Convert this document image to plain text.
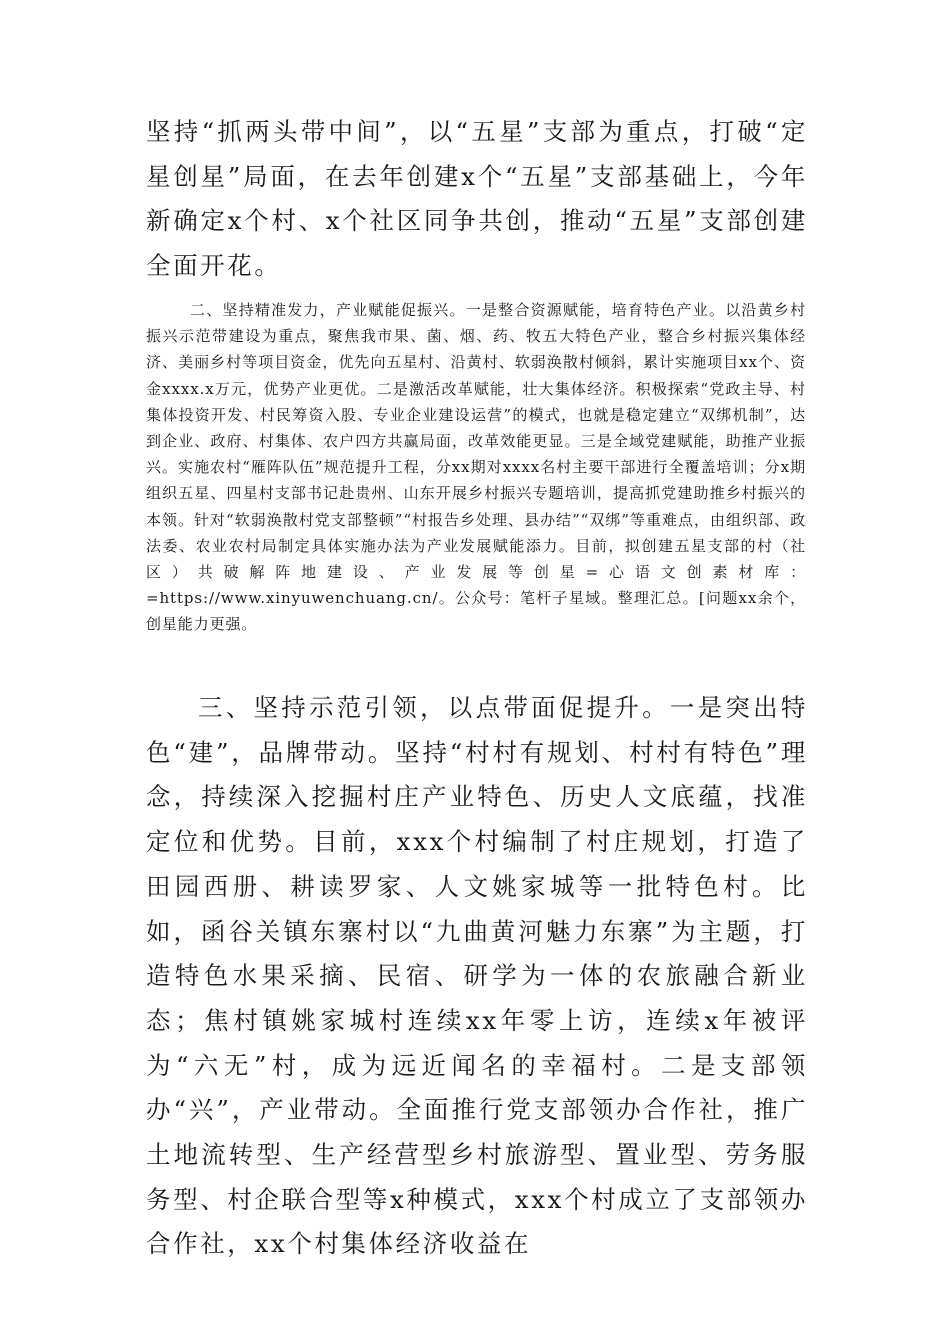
坚持“抓两头带中间”，以“五星”支部为重点，打破“定星创星”局面，在去年创建x个“五星”支部基础上，今年新确定x个村、x个社区同争共创，推动“五星”支部创建全面开花。

二、坚持精准发力，产业赋能促振兴。一是整合资源赋能，培育特色产业。以沿黄乡村振兴示范带建设为重点，聚焦我市果、菌、烟、药、牧五大特色产业，整合乡村振兴集体经济、美丽乡村等项目资金，优先向五星村、沿黄村、软弱涣散村倾斜，累计实施项目xx个、资金xxxx.x万元，优势产业更优。二是激活改革赋能，壮大集体经济。积极探索“党政主导、村集体投资开发、村民筹资入股、专业企业建设运营”的模式，也就是稳定建立“双绑机制”，达到企业、政府、村集体、农户四方共赢局面，改革效能更显。三是全域党建赋能，助推产业振兴。实施农村“雁阵队伍”规范提升工程，分xx期对xxxx名村主要干部进行全覆盖培训；分x期组织五星、四星村支部书记赴贵州、山东开展乡村振兴专题培训，提高抓党建助推乡村振兴的本领。针对“软弱涣散村党支部整顿”“村报告乡处理、县办结”“双绑”等重难点，由组织部、政法委、农业农村局制定具体实施办法为产业发展赋能添力。目前，拟创建五星支部的村（社区）共破解阵地建设、产业发展等创星=心语文创素材库：=https://www.xinyuwenchuang.cn/。公众号：笔杆子星域。整理汇总。[问题xx余个，创星能力更强。

三、坚持示范引领，以点带面促提升。一是突出特色“建”，品牌带动。坚持“村村有规划、村村有特色”理念，持续深入挖掘村庄产业特色、历史人文底蕴，找准定位和优势。目前，xxx个村编制了村庄规划，打造了田园西册、耕读罗家、人文姚家城等一批特色村。比如，函谷关镇东寨村以“九曲黄河魅力东寨”为主题，打造特色水果采摘、民宿、研学为一体的农旅融合新业态；焦村镇姚家城村连续xx年零上访，连续x年被评为“六无”村，成为远近闻名的幸福村。二是支部领办“兴”，产业带动。全面推行党支部领办合作社，推广土地流转型、生产经营型乡村旅游型、置业型、劳务服务型、村企联合型等x种模式，xxx个村成立了支部领办合作社，xx个村集体经济收益在
